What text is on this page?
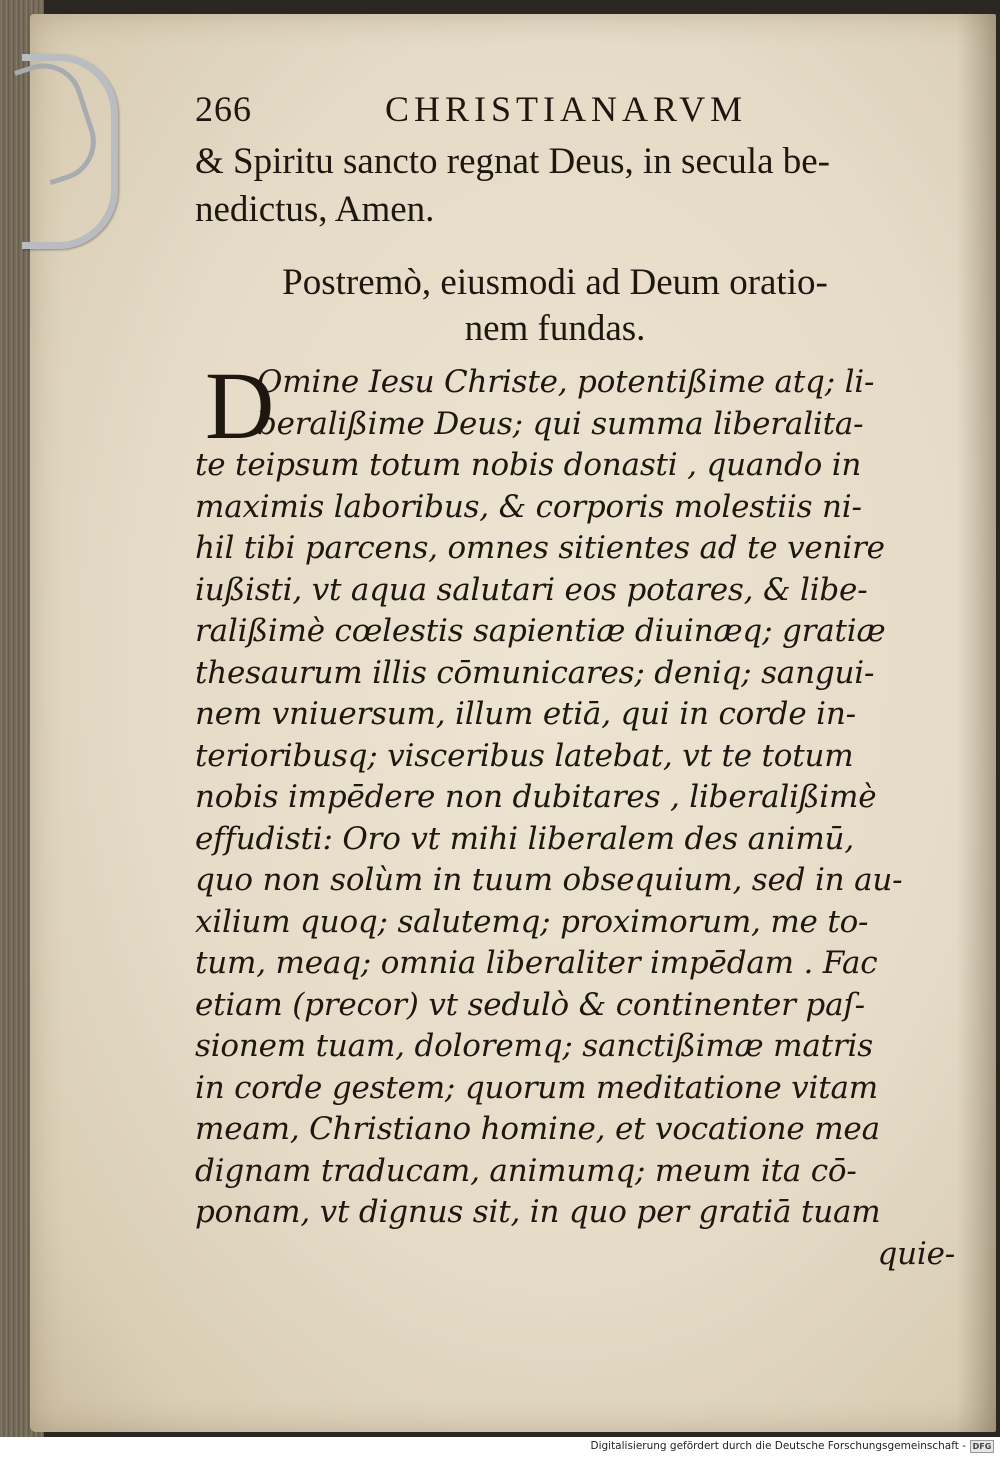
266	CHRISTIANARVM
& Spiritu sancto regnat Deus, in secula be-
nedictus, Amen.
Postremò, eiusmodi ad Deum oratio-
nem fundas.
D
Omine Iesu Christe, potentißime atq; li-
beralißime Deus; qui summa liberalita-
te teipsum totum nobis donasti , quando in
maximis laboribus, & corporis molestiis ni-
hil tibi parcens, omnes sitientes ad te venire
iußisti, vt aqua salutari eos potares, & libe-
ralißimè cœlestis sapientiæ diuinæq; gratiæ
thesaurum illis cōmunicares; deniq; sangui-
nem vniuersum, illum etiā, qui in corde in-
terioribusq; visceribus latebat, vt te totum
nobis impēdere non dubitares , liberalißimè
effudisti: Oro vt mihi liberalem des animū,
quo non solùm in tuum obsequium, sed in au-
xilium quoq; salutemq; proximorum, me to-
tum, meaq; omnia liberaliter impēdam . Fac
etiam (precor) vt sedulò & continenter paſ-
sionem tuam, doloremq; sanctißimæ matris
in corde gestem; quorum meditatione vitam
meam, Christiano homine, et vocatione mea
dignam traducam, animumq; meum ita cō-
ponam, vt dignus sit, in quo per gratiā tuam
quie-
Digitalisierung gefördert durch die Deutsche Forschungsgemeinschaft - DFG
